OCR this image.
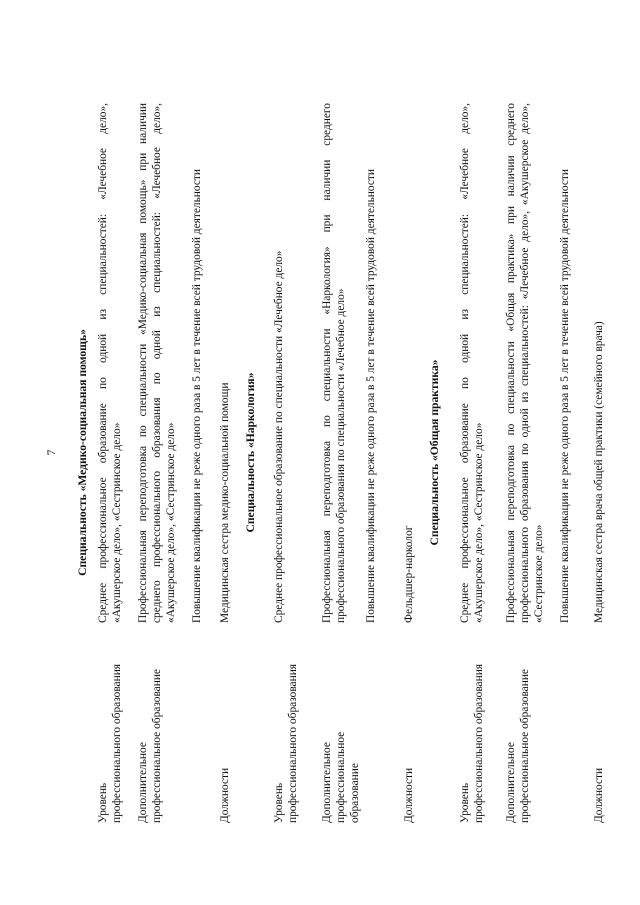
7 Специальность «Медико-социальная помощь»
Уровень профессионального образования
Среднее профессиональное образование по одной из специальностей: «Лечебное дело», «Акушерское дело», «Сестринское дело»
Дополнительное профессиональное образование
Профессиональная переподготовка по специальности «Медико-социальная помощь» при наличии среднего профессионального образования по одной из специальностей: «Лечебное дело», «Акушерское дело», «Сестринское дело» Повышение квалификации не реже одного раза в 5 лет в течение всей трудовой деятельности
Должности
Медицинская сестра медико-социальной помощи Специальность «Наркология»
Уровень профессионального образования
Среднее профессиональное образование по специальности «Лечебное дело»
Дополнительное профессиональное образование
Профессиональная переподготовка по специальности «Наркология» при наличии среднего профессионального образования по специальности «Лечебное дело» Повышение квалификации не реже одного раза в 5 лет в течение всей трудовой деятельности
Должности
Фельдшер-нарколог
Специальность «Общая практика»
Уровень профессионального образования
Среднее профессиональное образование по одной из специальностей: «Лечебное дело», «Акушерское дело», «Сестринское дело»
Дополнительное профессиональное образование
Профессиональная переподготовка по специальности «Общая практика» при наличии среднего профессионального образования по одной из специальностей: «Лечебное дело», «Акушерское дело», «Сестринское дело» Повышение квалификации не реже одного раза в 5 лет в течение всей трудовой деятельности
Должности
Медицинская сестра врача общей практики (семейного врача)
